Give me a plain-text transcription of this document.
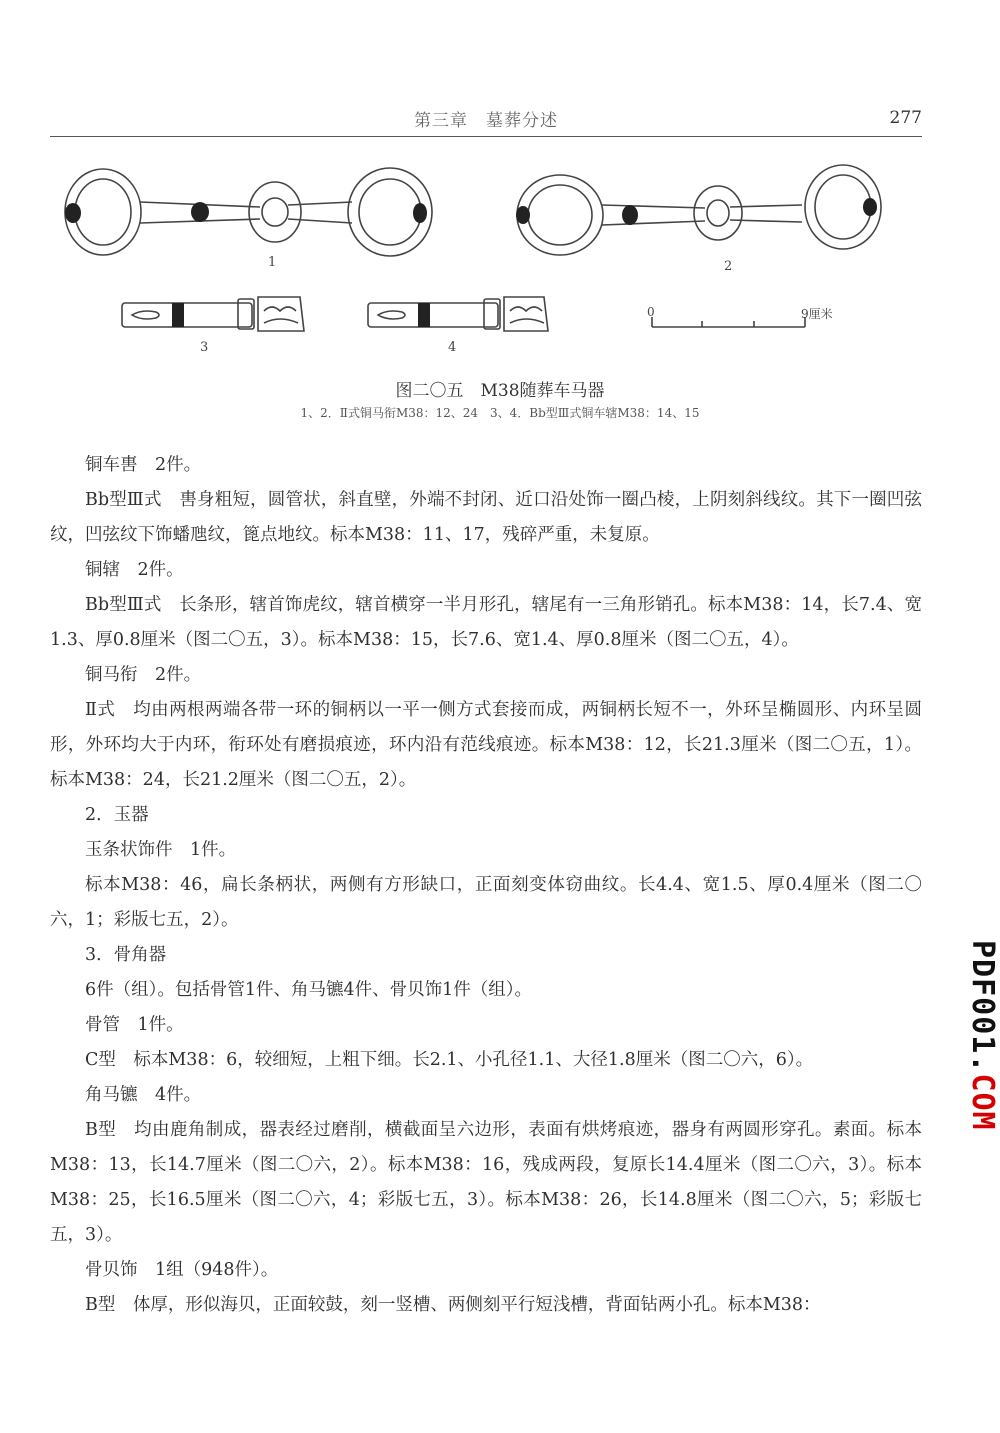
第三章　墓葬分述	277
1	2
3	4
0	9厘米
图二〇五　M38随葬车马器
1、2．Ⅱ式铜马衔M38：12、24　3、4．Bb型Ⅲ式铜车辖M38：14、15

铜车軎　2件。

Bb型Ⅲ式　軎身粗短，圆管状，斜直壁，外端不封闭、近口沿处饰一圈凸棱，上阴刻斜线纹。其下一圈凹弦纹，凹弦纹下饰蟠虺纹，篦点地纹。标本M38：11、17，残碎严重，未复原。

铜辖　2件。

Bb型Ⅲ式　长条形，辖首饰虎纹，辖首横穿一半月形孔，辖尾有一三角形销孔。标本M38：14，长7.4、宽1.3、厚0.8厘米（图二〇五，3）。标本M38：15，长7.6、宽1.4、厚0.8厘米（图二〇五，4）。

铜马衔　2件。

Ⅱ式　均由两根两端各带一环的铜柄以一平一侧方式套接而成，两铜柄长短不一，外环呈椭圆形、内环呈圆形，外环均大于内环，衔环处有磨损痕迹，环内沿有范线痕迹。标本M38：12，长21.3厘米（图二〇五，1）。标本M38：24，长21.2厘米（图二〇五，2）。

2．玉器

玉条状饰件　1件。

标本M38：46，扁长条柄状，两侧有方形缺口，正面刻变体窃曲纹。长4.4、宽1.5、厚0.4厘米（图二〇六，1；彩版七五，2）。

3．骨角器

6件（组）。包括骨管1件、角马镳4件、骨贝饰1件（组）。

骨管　1件。

C型　标本M38：6，较细短，上粗下细。长2.1、小孔径1.1、大径1.8厘米（图二〇六，6）。

角马镳　4件。

B型　均由鹿角制成，器表经过磨削，横截面呈六边形，表面有烘烤痕迹，器身有两圆形穿孔。素面。标本M38：13，长14.7厘米（图二〇六，2）。标本M38：16，残成两段，复原长14.4厘米（图二〇六，3）。标本M38：25，长16.5厘米（图二〇六，4；彩版七五，3）。标本M38：26，长14.8厘米（图二〇六，5；彩版七五，3）。

骨贝饰　1组（948件）。

B型　体厚，形似海贝，正面较鼓，刻一竖槽、两侧刻平行短浅槽，背面钻两小孔。标本M38：

PDF001.COM
